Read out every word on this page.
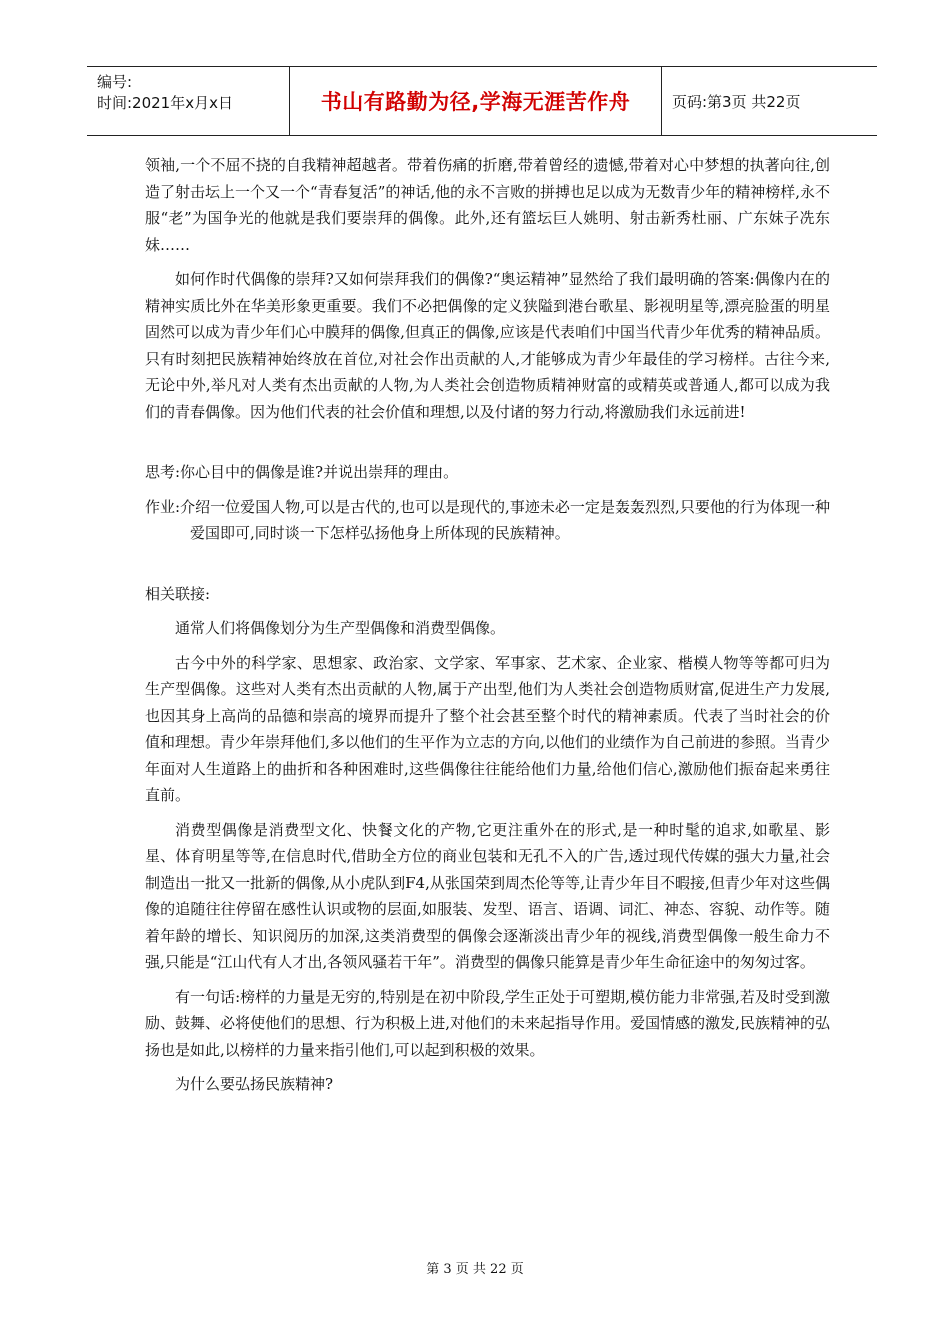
编号:
时间:2021年x月x日	书山有路勤为径,学海无涯苦作舟	页码:第3页 共22页

领袖,一个不屈不挠的自我精神超越者。带着伤痛的折磨,带着曾经的遗憾,带着对心中梦想的执著向往,创造了射击坛上一个又一个“青春复活”的神话,他的永不言败的拼搏也足以成为无数青少年的精神榜样,永不服“老”为国争光的他就是我们要崇拜的偶像。此外,还有篮坛巨人姚明、射击新秀杜丽、广东妹子冼东妹……

如何作时代偶像的崇拜?又如何崇拜我们的偶像?“奥运精神”显然给了我们最明确的答案:偶像内在的精神实质比外在华美形象更重要。我们不必把偶像的定义狭隘到港台歌星、影视明星等,漂亮脸蛋的明星固然可以成为青少年们心中膜拜的偶像,但真正的偶像,应该是代表咱们中国当代青少年优秀的精神品质。只有时刻把民族精神始终放在首位,对社会作出贡献的人,才能够成为青少年最佳的学习榜样。古往今来,无论中外,举凡对人类有杰出贡献的人物,为人类社会创造物质精神财富的或精英或普通人,都可以成为我们的青春偶像。因为他们代表的社会价值和理想,以及付诸的努力行动,将激励我们永远前进!

思考:你心目中的偶像是谁?并说出崇拜的理由。

作业:介绍一位爱国人物,可以是古代的,也可以是现代的,事迹未必一定是轰轰烈烈,只要他的行为体现一种爱国即可,同时谈一下怎样弘扬他身上所体现的民族精神。

相关联接:

通常人们将偶像划分为生产型偶像和消费型偶像。

古今中外的科学家、思想家、政治家、文学家、军事家、艺术家、企业家、楷模人物等等都可归为生产型偶像。这些对人类有杰出贡献的人物,属于产出型,他们为人类社会创造物质财富,促进生产力发展,也因其身上高尚的品德和崇高的境界而提升了整个社会甚至整个时代的精神素质。代表了当时社会的价值和理想。青少年崇拜他们,多以他们的生平作为立志的方向,以他们的业绩作为自己前进的参照。当青少年面对人生道路上的曲折和各种困难时,这些偶像往往能给他们力量,给他们信心,激励他们振奋起来勇往直前。

消费型偶像是消费型文化、快餐文化的产物,它更注重外在的形式,是一种时髦的追求,如歌星、影星、体育明星等等,在信息时代,借助全方位的商业包装和无孔不入的广告,透过现代传媒的强大力量,社会制造出一批又一批新的偶像,从小虎队到F4,从张国荣到周杰伦等等,让青少年目不暇接,但青少年对这些偶像的追随往往停留在感性认识或物的层面,如服装、发型、语言、语调、词汇、神态、容貌、动作等。随着年龄的增长、知识阅历的加深,这类消费型的偶像会逐渐淡出青少年的视线,消费型偶像一般生命力不强,只能是“江山代有人才出,各领风骚若干年”。消费型的偶像只能算是青少年生命征途中的匆匆过客。

有一句话:榜样的力量是无穷的,特别是在初中阶段,学生正处于可塑期,模仿能力非常强,若及时受到激励、鼓舞、必将使他们的思想、行为积极上进,对他们的未来起指导作用。爱国情感的激发,民族精神的弘扬也是如此,以榜样的力量来指引他们,可以起到积极的效果。

为什么要弘扬民族精神?

第 3 页 共 22 页
